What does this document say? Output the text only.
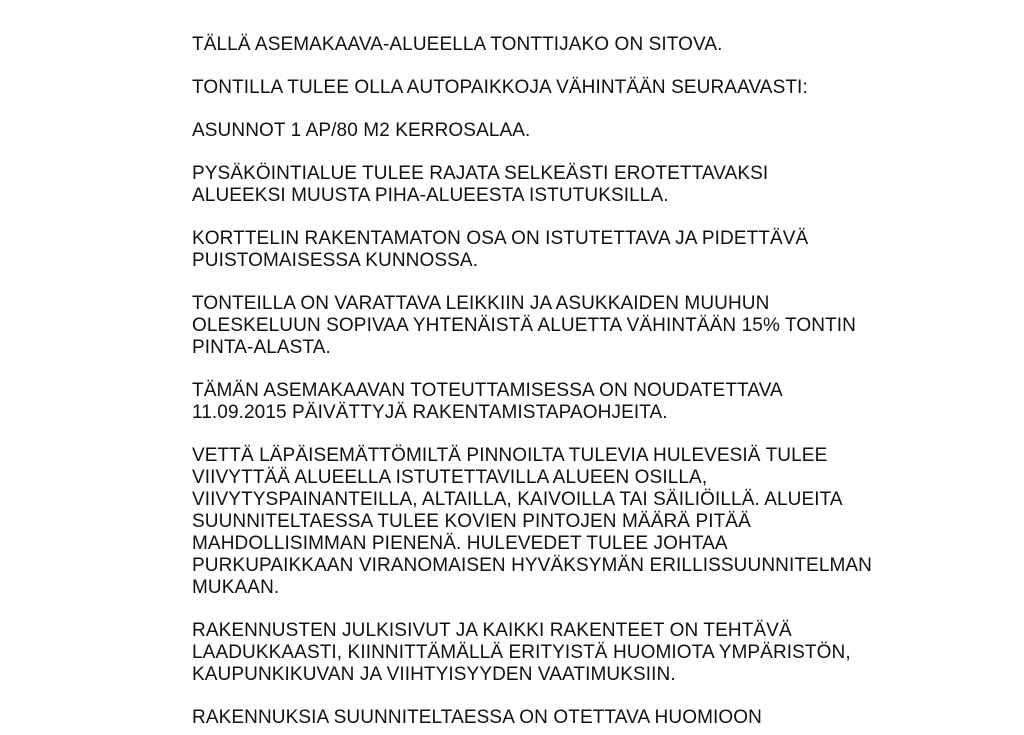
TÄLLÄ ASEMAKAAVA-ALUEELLA TONTTIJAKO ON SITOVA.
TONTILLA TULEE OLLA AUTOPAIKKOJA VÄHINTÄÄN SEURAAVASTI:
ASUNNOT 1 AP/80 M2 KERROSALAA.
PYSÄKÖINTIALUE TULEE RAJATA SELKEÄSTI EROTETTAVAKSI
ALUEEKSI MUUSTA PIHA-ALUEESTA ISTUTUKSILLA.
KORTTELIN RAKENTAMATON OSA ON ISTUTETTAVA JA PIDETTÄVÄ
PUISTOMAISESSA KUNNOSSA.
TONTEILLA ON VARATTAVA LEIKKIIN JA ASUKKAIDEN MUUHUN
OLESKELUUN SOPIVAA YHTENÄISTÄ ALUETTA VÄHINTÄÄN 15% TONTIN
PINTA-ALASTA.
TÄMÄN ASEMAKAAVAN TOTEUTTAMISESSA ON NOUDATETTAVA
11.09.2015 PÄIVÄTTYJÄ RAKENTAMISTAPAOHJEITA.
VETTÄ LÄPÄISEMÄTTÖMILTÄ PINNOILTA TULEVIA HULEVESIÄ TULEE
VIIVYTTÄÄ ALUEELLA ISTUTETTAVILLA ALUEEN OSILLA,
VIIVYTYSPAINANTEILLA, ALTAILLA, KAIVOILLA TAI SÄILIÖILLÄ. ALUEITA
SUUNNITELTAESSA TULEE KOVIEN PINTOJEN MÄÄRÄ PITÄÄ
MAHDOLLISIMMAN PIENENÄ. HULEVEDET TULEE JOHTAA
PURKUPAIKKAAN VIRANOMAISEN HYVÄKSYMÄN ERILLISSUUNNITELMAN
MUKAAN.
RAKENNUSTEN JULKISIVUT JA KAIKKI RAKENTEET ON TEHTÄVÄ
LAADUKKAASTI, KIINNITTÄMÄLLÄ ERITYISTÄ HUOMIOTA YMPÄRISTÖN,
KAUPUNKIKUVAN JA VIIHTYISYYDEN VAATIMUKSIIN.
RAKENNUKSIA SUUNNITELTAESSA ON OTETTAVA HUOMIOON
